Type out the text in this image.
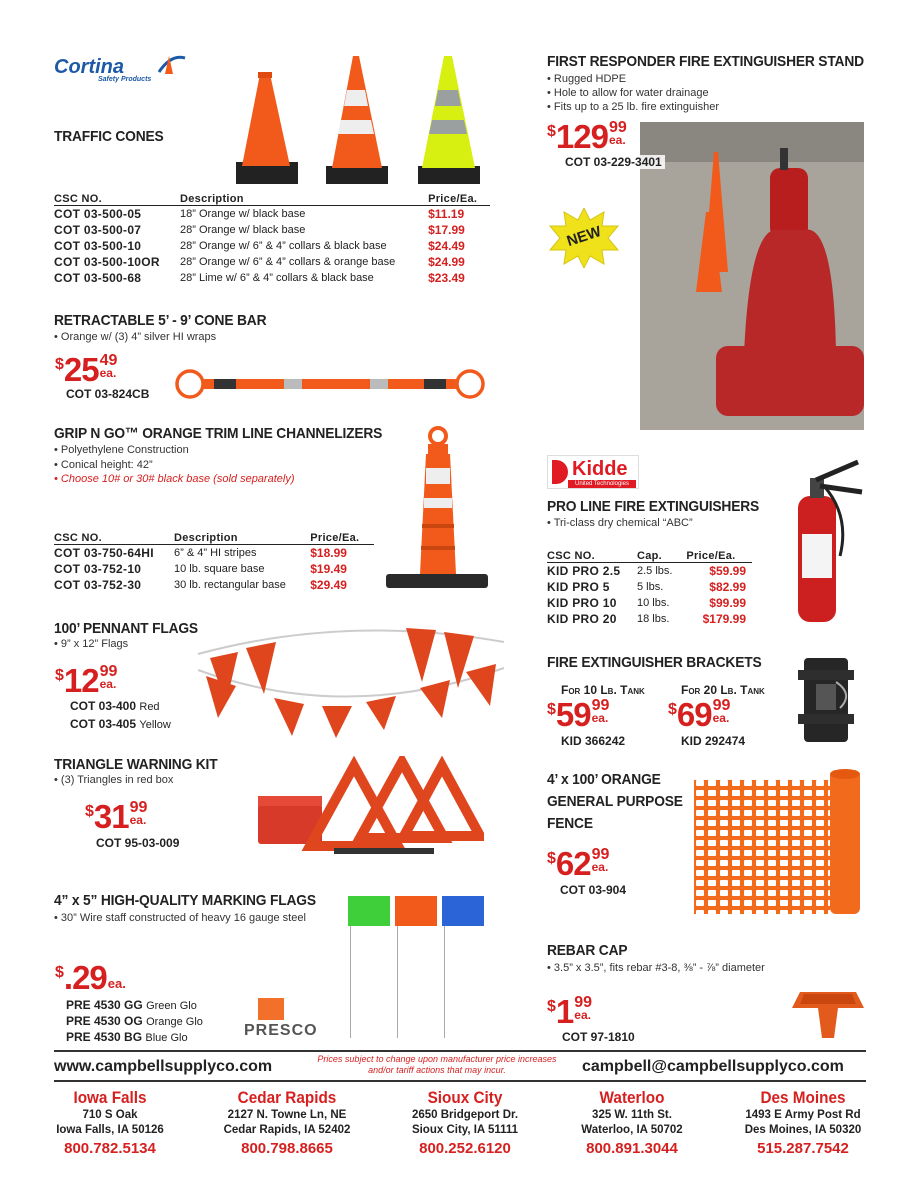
Cortina
Safety Products
TRAFFIC CONES
CSC NO.	Description	Price/Ea.
COT 03-500-05	18” Orange w/ black base	$11.19
COT 03-500-07	28” Orange w/ black base	$17.99
COT 03-500-10	28” Orange w/ 6” & 4” collars & black base	$24.49
COT 03-500-10OR	28” Orange w/ 6” & 4” collars & orange base	$24.99
COT 03-500-68	28” Lime w/ 6” & 4” collars & black base	$23.49
RETRACTABLE 5’ - 9’ CONE BAR
• Orange w/ (3) 4” silver HI wraps
$ 25 49
ea.
COT 03-824CB
GRIP N GO™ ORANGE TRIM LINE CHANNELIZERS
• Polyethylene Construction
• Conical height: 42”
• Choose 10# or 30# black base (sold separately)
CSC NO.	Description	Price/Ea.
COT 03-750-64HI	6” & 4” HI stripes	$18.99
COT 03-752-10	10 lb. square base	$19.49
COT 03-752-30	30 lb. rectangular base	$29.49
100’ PENNANT FLAGS
• 9” x 12” Flags
$ 12 99
ea.
COT 03-400 Red
COT 03-405 Yellow
TRIANGLE WARNING KIT
• (3) Triangles in red box
$ 31 99
ea.
COT 95-03-009
4” x 5” HIGH-QUALITY MARKING FLAGS
• 30” Wire staff constructed of heavy 16 gauge steel
$ .29 ea.
PRE 4530 GG Green Glo
PRE 4530 OG Orange Glo
PRE 4530 BG Blue Glo	PRESCO
FIRST RESPONDER FIRE EXTINGUISHER STAND
• Rugged HDPE
• Hole to allow for water drainage
• Fits up to a 25 lb. fire extinguisher
$ 129 99
ea.
COT 03-229-3401
NEW
Kidde
United Technologies
PRO LINE FIRE EXTINGUISHERS
• Tri-class dry chemical “ABC”
CSC NO.	Cap.	Price/Ea.
KID PRO 2.5	2.5 lbs.	$59.99
KID PRO 5	5 lbs.	$82.99
KID PRO 10	10 lbs.	$99.99
KID PRO 20	18 lbs.	$179.99
FIRE EXTINGUISHER BRACKETS
For 10 Lb. Tank	For 20 Lb. Tank
$ 59 99
ea.	$ 69 99
ea.
KID 366242	KID 292474
4’ x 100’ ORANGE
GENERAL PURPOSE
FENCE
$ 62 99
ea.
COT 03-904
REBAR CAP
• 3.5” x 3.5”, fits rebar #3-8, ⅜” - ⅞” diameter
$ 1 99
ea.
COT 97-1810
www.campbellsupplyco.com	Prices subject to change upon manufacturer price increases and/or tariff actions that may incur.	campbell@campbellsupplyco.com
Iowa Falls
710 S Oak
Iowa Falls, IA 50126
800.782.5134
Cedar Rapids
2127 N. Towne Ln, NE
Cedar Rapids, IA 52402
800.798.8665
Sioux City
2650 Bridgeport Dr.
Sioux City, IA 51111
800.252.6120
Waterloo
325 W. 11th St.
Waterloo, IA 50702
800.891.3044
Des Moines
1493 E Army Post Rd
Des Moines, IA 50320
515.287.7542
